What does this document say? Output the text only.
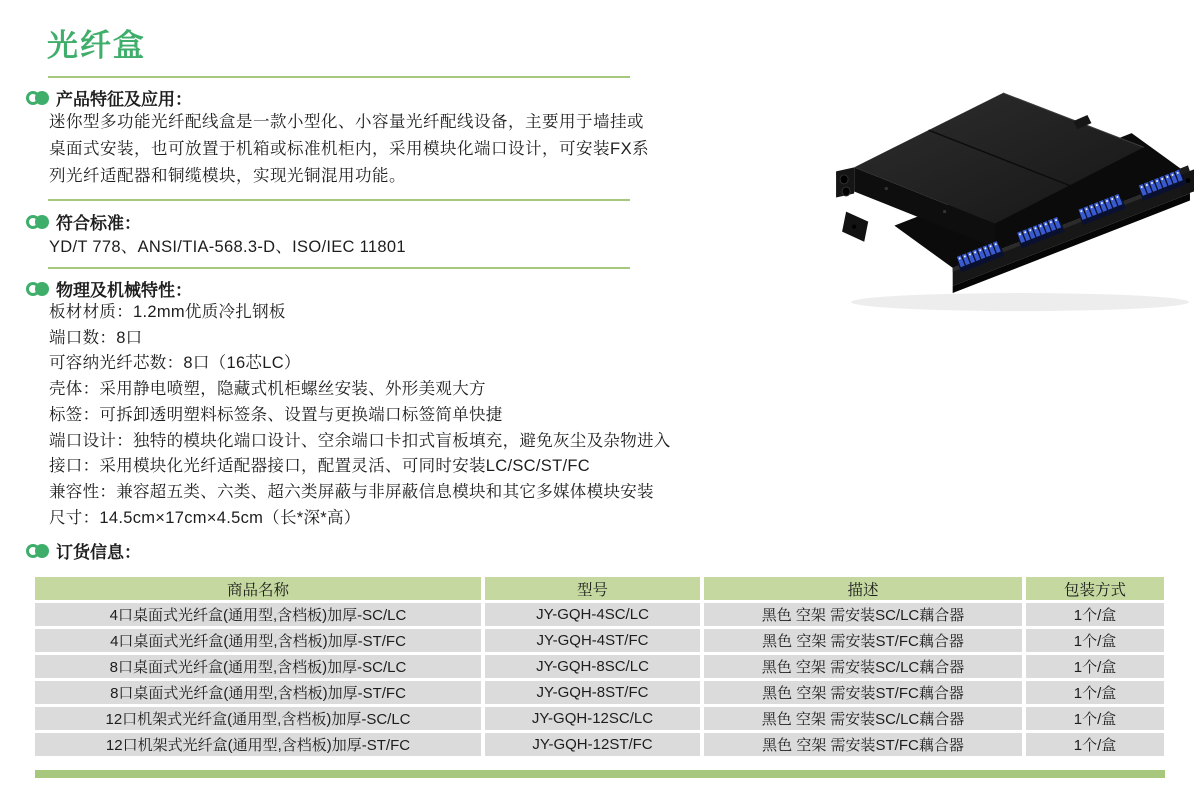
光纤盒
产品特征及应用：
迷你型多功能光纤配线盒是一款小型化、小容量光纤配线设备，主要用于墙挂或桌面式安装，也可放置于机箱或标准机柜内，采用模块化端口设计，可安装FX系列光纤适配器和铜缆模块，实现光铜混用功能。
符合标准：
YD/T 778、ANSI/TIA-568.3-D、ISO/IEC 11801
物理及机械特性：
板材材质：1.2mm优质冷扎钢板
端口数：8口
可容纳光纤芯数：8口（16芯LC）
壳体：采用静电喷塑，隐藏式机柜螺丝安装、外形美观大方
标签：可拆卸透明塑料标签条、设置与更换端口标签简单快捷
端口设计：独特的模块化端口设计、空余端口卡扣式盲板填充，避免灰尘及杂物进入
接口：采用模块化光纤适配器接口，配置灵活、可同时安装LC/SC/ST/FC
兼容性：兼容超五类、六类、超六类屏蔽与非屏蔽信息模块和其它多媒体模块安装
尺寸：14.5cm×17cm×4.5cm（长*深*高）
订货信息：
商品名称	型号	描述	包装方式
4口桌面式光纤盒(通用型,含档板)加厚-SC/LC	JY-GQH-4SC/LC	黑色 空架 需安装SC/LC藕合器	1个/盒
4口桌面式光纤盒(通用型,含档板)加厚-ST/FC	JY-GQH-4ST/FC	黑色 空架 需安装ST/FC藕合器	1个/盒
8口桌面式光纤盒(通用型,含档板)加厚-SC/LC	JY-GQH-8SC/LC	黑色 空架 需安装SC/LC藕合器	1个/盒
8口桌面式光纤盒(通用型,含档板)加厚-ST/FC	JY-GQH-8ST/FC	黑色 空架 需安装ST/FC藕合器	1个/盒
12口机架式光纤盒(通用型,含档板)加厚-SC/LC	JY-GQH-12SC/LC	黑色 空架 需安装SC/LC藕合器	1个/盒
12口机架式光纤盒(通用型,含档板)加厚-ST/FC	JY-GQH-12ST/FC	黑色 空架 需安装ST/FC藕合器	1个/盒
